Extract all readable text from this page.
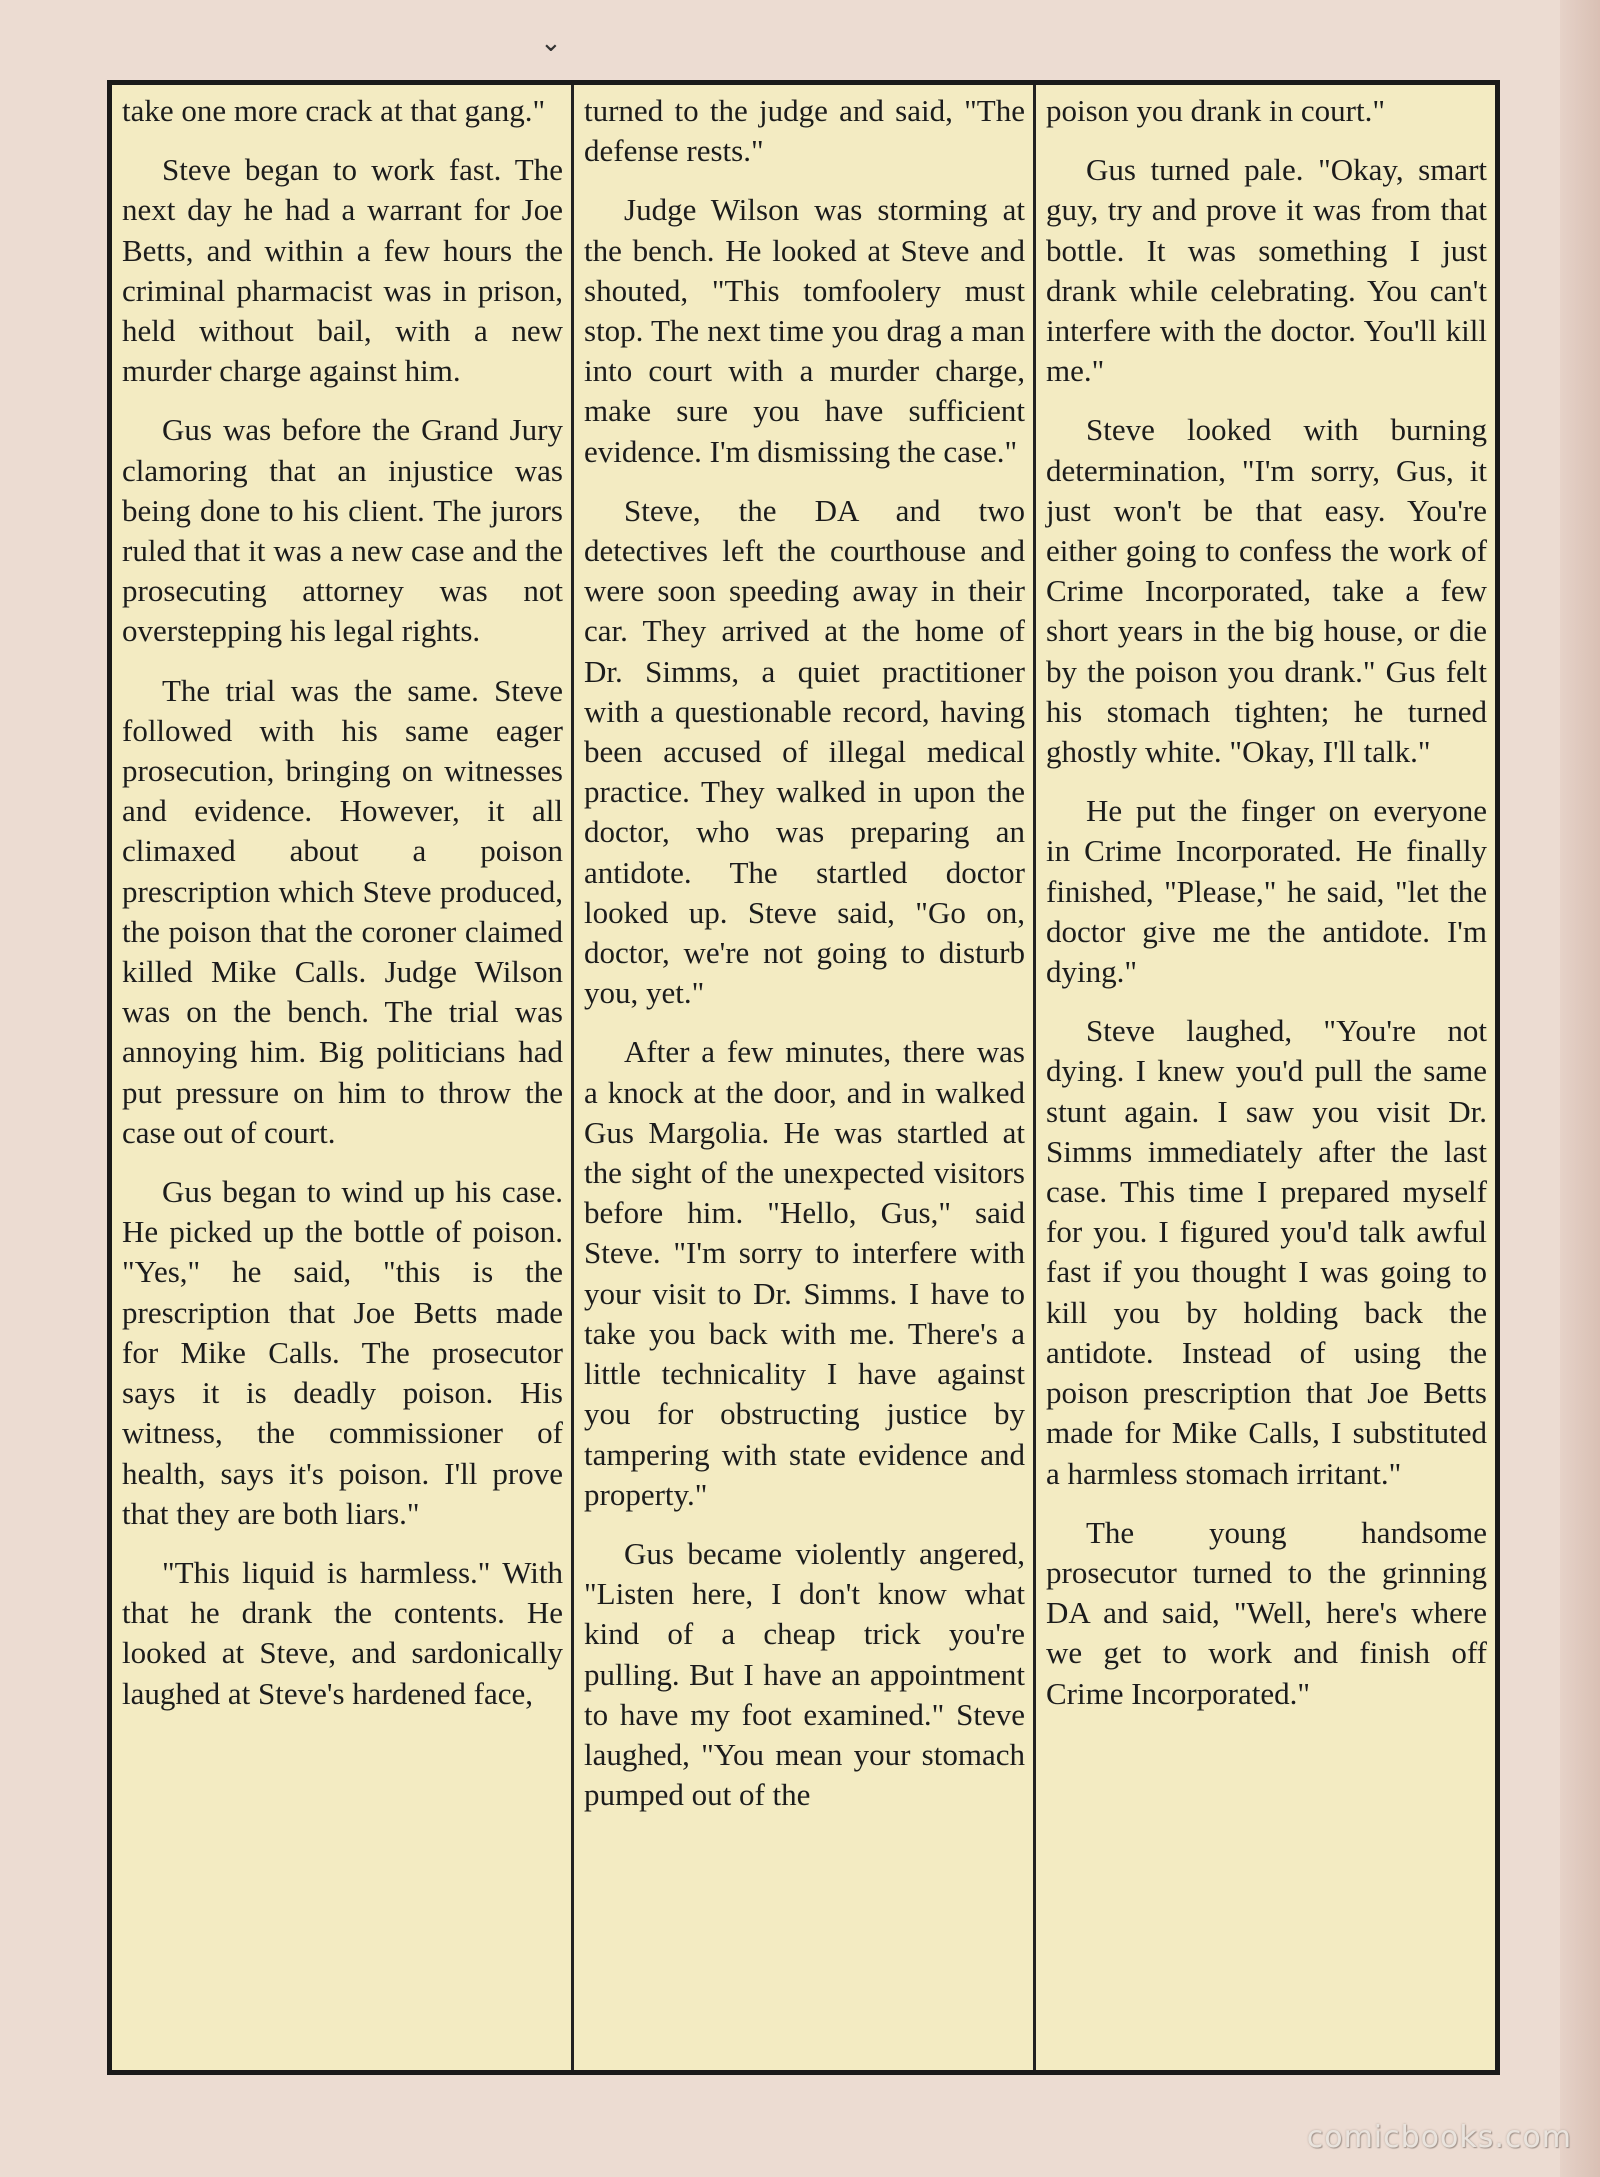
⌄

take one more crack at that gang."

Steve began to work fast. The next day he had a warrant for Joe Betts, and within a few hours the criminal pharmacist was in prison, held without bail, with a new murder charge against him.

Gus was before the Grand Jury clamoring that an injustice was being done to his client. The jurors ruled that it was a new case and the prosecuting attorney was not overstepping his legal rights.

The trial was the same. Steve followed with his same eager prosecution, bringing on witnesses and evidence. However, it all climaxed about a poison prescription which Steve produced, the poison that the coroner claimed killed Mike Calls. Judge Wilson was on the bench. The trial was annoying him. Big politicians had put pressure on him to throw the case out of court.

Gus began to wind up his case. He picked up the bottle of poison. "Yes," he said, "this is the prescription that Joe Betts made for Mike Calls. The prosecutor says it is deadly poison. His witness, the commissioner of health, says it's poison. I'll prove that they are both liars."

"This liquid is harmless." With that he drank the contents. He looked at Steve, and sardonically laughed at Steve's hardened face,

turned to the judge and said, "The defense rests."

Judge Wilson was storming at the bench. He looked at Steve and shouted, "This tomfoolery must stop. The next time you drag a man into court with a murder charge, make sure you have sufficient evidence. I'm dismissing the case."

Steve, the DA and two detectives left the courthouse and were soon speeding away in their car. They arrived at the home of Dr. Simms, a quiet practitioner with a questionable record, having been accused of illegal medical practice. They walked in upon the doctor, who was preparing an antidote. The startled doctor looked up. Steve said, "Go on, doctor, we're not going to disturb you, yet."

After a few minutes, there was a knock at the door, and in walked Gus Margolia. He was startled at the sight of the unexpected visitors before him. "Hello, Gus," said Steve. "I'm sorry to interfere with your visit to Dr. Simms. I have to take you back with me. There's a little technicality I have against you for obstructing justice by tampering with state evidence and property."

Gus became violently angered, "Listen here, I don't know what kind of a cheap trick you're pulling. But I have an appointment to have my foot examined." Steve laughed, "You mean your stomach pumped out of the

poison you drank in court."

Gus turned pale. "Okay, smart guy, try and prove it was from that bottle. It was something I just drank while celebrating. You can't interfere with the doctor. You'll kill me."

Steve looked with burning determination, "I'm sorry, Gus, it just won't be that easy. You're either going to confess the work of Crime Incorporated, take a few short years in the big house, or die by the poison you drank." Gus felt his stomach tighten; he turned ghostly white. "Okay, I'll talk."

He put the finger on everyone in Crime Incorporated. He finally finished, "Please," he said, "let the doctor give me the antidote. I'm dying."

Steve laughed, "You're not dying. I knew you'd pull the same stunt again. I saw you visit Dr. Simms immediately after the last case. This time I prepared myself for you. I figured you'd talk awful fast if you thought I was going to kill you by holding back the antidote. Instead of using the poison prescription that Joe Betts made for Mike Calls, I substituted a harmless stomach irritant."

The young handsome prosecutor turned to the grinning DA and said, "Well, here's where we get to work and finish off Crime Incorporated."

comicbooks.com
